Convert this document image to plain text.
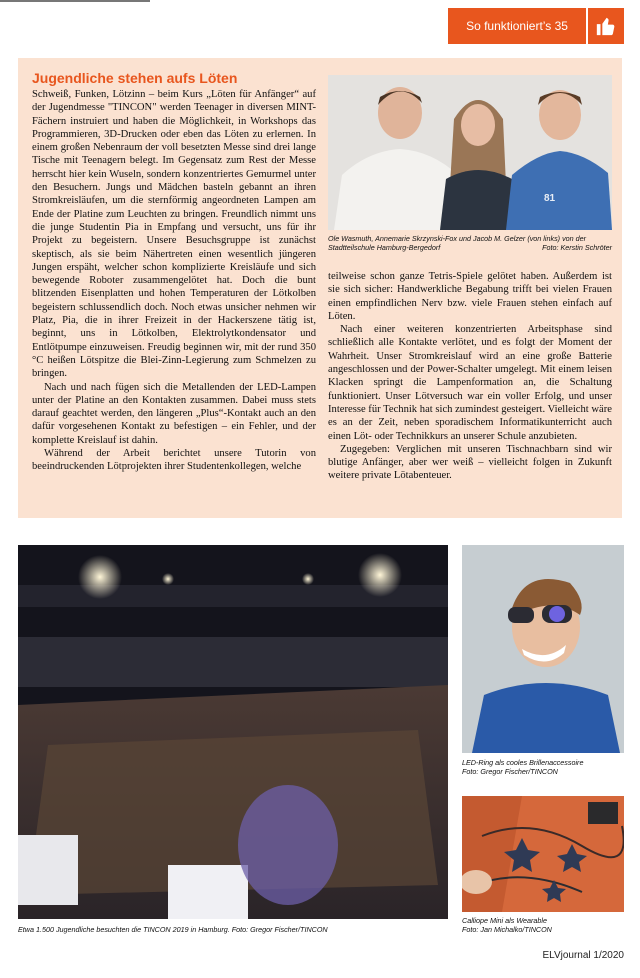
So funktioniert’s
35
Jugendliche stehen aufs Löten

Schweiß, Funken, Lötzinn – beim Kurs „Löten für Anfänger“ auf der Jugendmesse "TINCON" werden Teenager in diversen MINT-Fächern instruiert und haben die Möglichkeit, in Workshops das Programmieren, 3D-Drucken oder eben das Löten zu erlernen. In einem großen Nebenraum der voll besetzten Messe sind drei lange Tische mit Teenagern belegt. Im Gegensatz zum Rest der Messe herrscht hier kein Wuseln, sondern konzentriertes Gemurmel unter den Besuchern. Jungs und Mädchen basteln gebannt an ihren Stromkreisläufen, um die sternförmig angeordneten Lampen am Ende der Platine zum Leuchten zu bringen. Freundlich nimmt uns die junge Studentin Pia in Empfang und versucht, uns für ihr Projekt zu begeistern. Unsere Besuchsgruppe ist zunächst skeptisch, als sie beim Nähertreten einen wesentlich jüngeren Jungen erspäht, welcher schon komplizierte Kreisläufe und sich bewegende Roboter zusammengelötet hat. Doch die bunt blitzenden Eisenplatten und hohen Temperaturen der Lötkolben begeistern schlussendlich doch. Noch etwas unsicher nehmen wir Platz, Pia, die in ihrer Freizeit in der Hackerszene tätig ist, beginnt, uns in Lötkolben, Elektrolytkondensator und Entlötpumpe einzuweisen. Freudig beginnen wir, mit der rund 350 °C heißen Lötspitze die Blei-Zinn-Legierung zum Schmelzen zu bringen.

Nach und nach fügen sich die Metallenden der LED-Lampen unter der Platine an den Kontakten zusammen. Dabei muss stets darauf geachtet werden, den längeren „Plus“-Kontakt auch an den dafür vorgesehenen Kontakt zu befestigen – ein Fehler, und der komplette Kreislauf ist dahin.

Während der Arbeit berichtet unsere Tutorin von beeindruckenden Lötprojekten ihrer Studentenkollegen, welche

81
Ole Wasmuth, Annemarie Skrzynski-Fox und Jacob M. Gelzer (von links) von der Stadtteilschule Hamburg-Bergedorf	Foto: Kerstin Schröter

teilweise schon ganze Tetris-Spiele gelötet haben. Außerdem ist sie sich sicher: Handwerkliche Begabung trifft bei vielen Frauen einen empfindlichen Nerv bzw. viele Frauen stehen einfach auf Löten.

Nach einer weiteren konzentrierten Arbeitsphase sind schließlich alle Kontakte verlötet, und es folgt der Moment der Wahrheit. Unser Stromkreislauf wird an eine große Batterie angeschlossen und der Power-Schalter umgelegt. Mit einem leisen Klacken springt die Lampenformation an, die Schaltung funktioniert. Unser Lötversuch war ein voller Erfolg, und unser Interesse für Technik hat sich zumindest gesteigert. Vielleicht wäre es an der Zeit, neben sporadischem Informatikunterricht auch einen Löt- oder Technikkurs an unserer Schule anzubieten.

Zugegeben: Verglichen mit unseren Tischnachbarn sind wir blutige Anfänger, aber wer weiß – vielleicht folgen in Zukunft weitere private Lötabenteuer.

Etwa 1.500 Jugendliche besuchten die TINCON 2019 in Hamburg. Foto: Gregor Fischer/TINCON
LED-Ring als cooles Brillenaccessoire
Foto: Gregor Fischer/TINCON
Calliope Mini als Wearable
Foto: Jan Michalko/TINCON
ELVjournal 1/2020
